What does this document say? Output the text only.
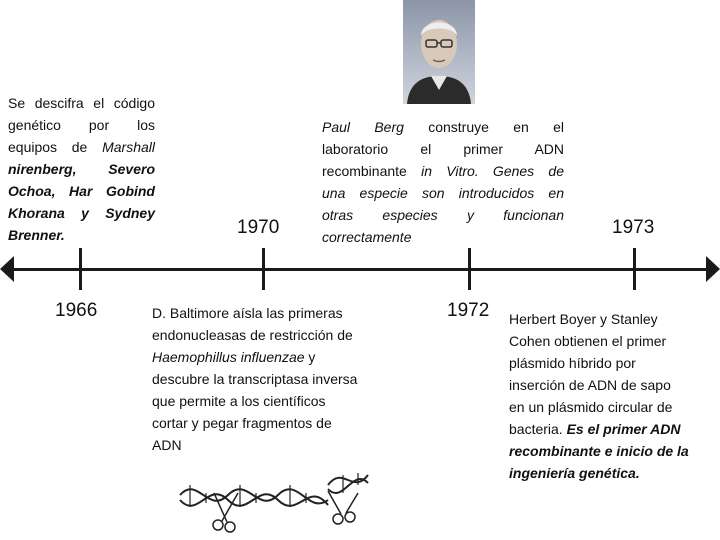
1966
1970
1972
1973
Se descifra el código
genético por los
equipos de Marshall
nirenberg, Severo
Ochoa, Har Gobind
Khorana y Sydney
Brenner.
D. Baltimore aísla las primeras
endonucleasas de restricción de
Haemophillus influenzae y
descubre la transcriptasa inversa
que permite a los científicos
cortar y pegar fragmentos de
ADN
Paul Berg construye en el
laboratorio el primer ADN
recombinante in Vitro. Genes de
una especie son introducidos en
otras especies y funcionan
correctamente
Herbert Boyer y Stanley
Cohen obtienen el primer
plásmido híbrido por
inserción de ADN de sapo
en un plásmido circular de
bacteria. Es el primer ADN
recombinante e inicio de la
ingeniería genética.
